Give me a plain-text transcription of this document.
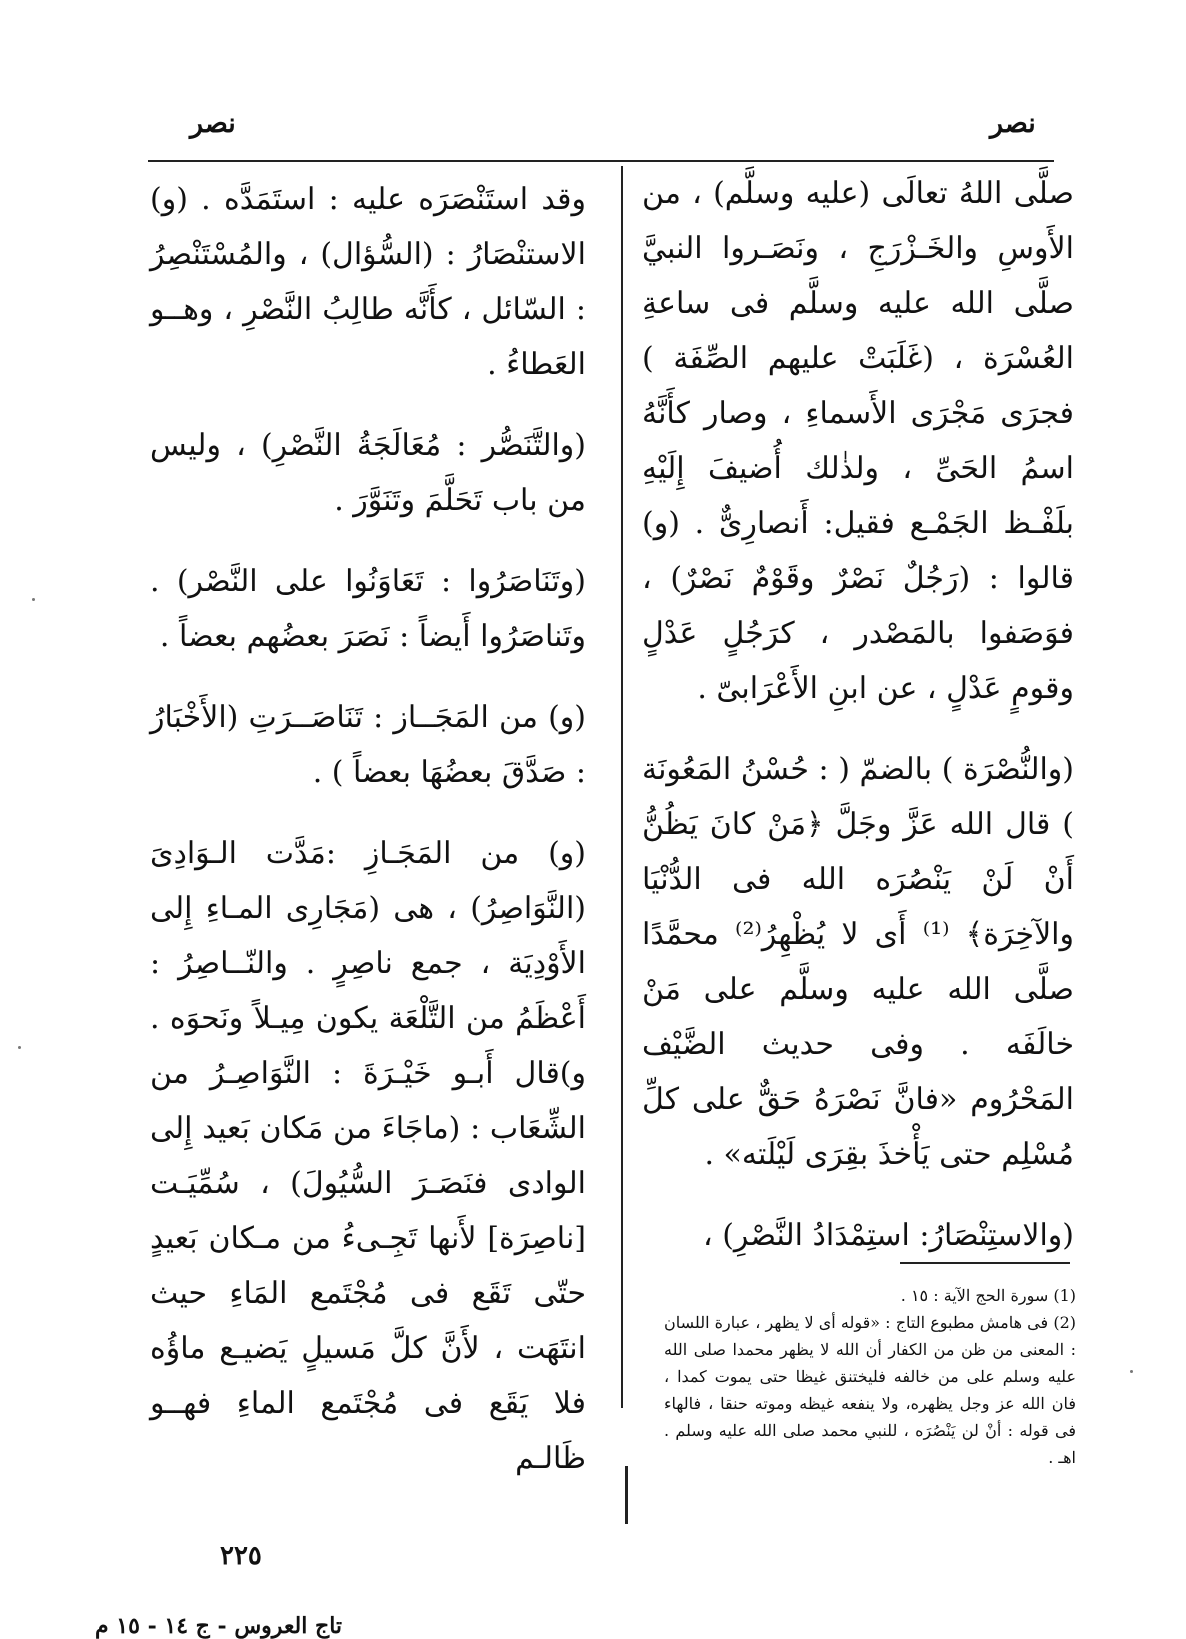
نصر	نصر

صلَّى اللهُ تعالَى (عليه وسلَّم) ، من الأَوسِ والخَـزْرَجِ ، ونَصَـروا النبيَّ صلَّى الله عليه وسلَّم فى ساعةِ العُسْرَة ، (غَلَبَتْ عليهم الصِّفَة ) فجرَى مَجْرَى الأَسماءِ ، وصار كأَنَّهُ اسمُ الحَىِّ ، ولذٰلك أُضيفَ إِلَيْهِ بلَفْـظ الجَمْـع فقيل: أَنصارِىٌّ . (و) قالوا : (رَجُلٌ نَصْرٌ وقَوْمٌ نَصْرٌ) ، فوَصَفوا بالمَصْدر ، كرَجُلٍ عَدْلٍ وقومٍ عَدْلٍ ، عن ابنِ الأَعْرَابىّ .

(والنُّصْرَة ) بالضمّ ( : حُسْنُ المَعُونَة ) قال الله عَزَّ وجَلَّ ﴿مَنْ كانَ يَظُنُّ أَنْ لَنْ يَنْصُرَه الله فى الدُّنْيَا والآخِرَة﴾ ⁽¹⁾ أَى لا يُظْهِرُ⁽²⁾ محمَّدًا صلَّى الله عليه وسلَّم على مَنْ خالَفَه . وفى حديث الضَّيْف المَحْرُوم «فانَّ نَصْرَهُ حَقٌّ على كلِّ مُسْلِم حتى يَأْخذَ بقِرَى لَيْلَته» .

(والاستِنْصَارُ: استِمْدَادُ النَّصْرِ) ،

وقد استَنْصَرَه عليه : استَمَدَّه . (و) الاستنْصَارُ : (السُّؤال) ، والمُسْتَنْصِرُ : السّائل ، كأَنَّه طالِبُ النَّصْرِ ، وهــو العَطاءُ .

(والتَّنَصُّر : مُعَالَجَةُ النَّصْرِ) ، وليس من باب تَحَلَّمَ وتَنَوَّرَ .

(وتَنَاصَرُوا : تَعَاوَنُوا على النَّصْر) . وتَناصَرُوا أَيضاً : نَصَرَ بعضُهم بعضاً .

(و) من المَجَــاز : تَنَاصَــرَتِ (الأَخْبَارُ : صَدَّقَ بعضُهَا بعضاً ) .

(و) من المَجَـازِ :مَدَّت الـوَادِىَ (النَّوَاصِرُ) ، هى (مَجَارِى المـاءِ إِلى الأَوْدِيَة ، جمع ناصِرٍ . والنّــاصِرُ : أَعْظَمُ من التَّلْعَة يكون مِيـلاً ونَحوَه . و)قال أَبـو خَيْـرَةَ : النَّوَاصِـرُ من الشِّعَاب : (ماجَاءَ من مَكان بَعيد إِلى الوادى فنَصَـرَ السُّيُولَ) ، سُمِّيَـت [ناصِرَة] لأَنها تَجِـىءُ من مـكان بَعيدٍ حتّى تَقَع فى مُجْتَمع المَاءِ حيث انتَهَت ، لأَنَّ كلَّ مَسيلٍ يَضيـع ماؤُه فلا يَقَع فى مُجْتَمع الماءِ فهــو ظَالـم

(1) سورة الحج الآية : ١٥ .

(2) فى هامش مطبوع التاج : «قوله أى لا يظهر ، عبارة اللسان : المعنى من ظن من الكفار أن الله لا يظهر محمدا صلى الله عليه وسلم على من خالفه فليختنق غيظا حتى يموت كمدا ، فان الله عز وجل يظهره، ولا ينفعه غيظه وموته حنقا ، فالهاء فى قوله : أنْ لن يَنْصُرَه ، للنبي محمد صلى الله عليه وسلم . اهـ .

٢٢٥
تاج العروس - ج ١٤ - ١٥ م
